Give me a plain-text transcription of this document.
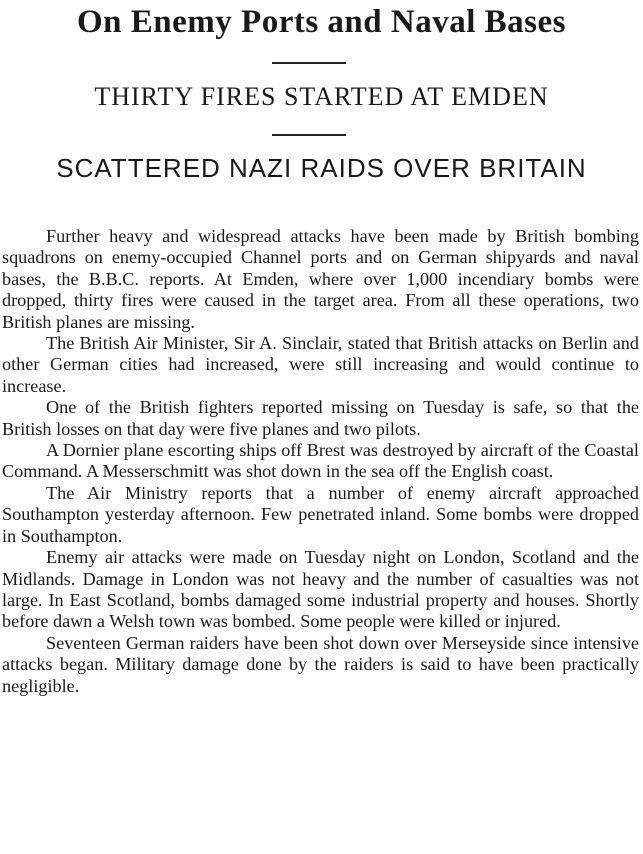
On Enemy Ports and Naval Bases
THIRTY FIRES STARTED AT EMDEN
SCATTERED NAZI RAIDS OVER BRITAIN

Further heavy and widespread attacks have been made by British bombing squadrons on enemy-occupied Channel ports and on German shipyards and naval bases, the B.B.C. reports. At Emden, where over 1,000 incendiary bombs were dropped, thirty fires were caused in the target area. From all these operations, two British planes are missing.

The British Air Minister, Sir A. Sinclair, stated that British attacks on Berlin and other German cities had increased, were still increasing and would continue to increase.

One of the British fighters reported missing on Tuesday is safe, so that the British losses on that day were five planes and two pilots.

A Dornier plane escorting ships off Brest was destroyed by aircraft of the Coastal Command. A Messerschmitt was shot down in the sea off the English coast.

The Air Ministry reports that a number of enemy aircraft approached Southampton yesterday afternoon. Few penetrated inland. Some bombs were dropped in Southampton.

Enemy air attacks were made on Tuesday night on London, Scotland and the Midlands. Damage in London was not heavy and the number of casualties was not large. In East Scotland, bombs damaged some industrial property and houses. Shortly before dawn a Welsh town was bombed. Some people were killed or injured.

Seventeen German raiders have been shot down over Merseyside since intensive attacks began. Military damage done by the raiders is said to have been practically negligible.
